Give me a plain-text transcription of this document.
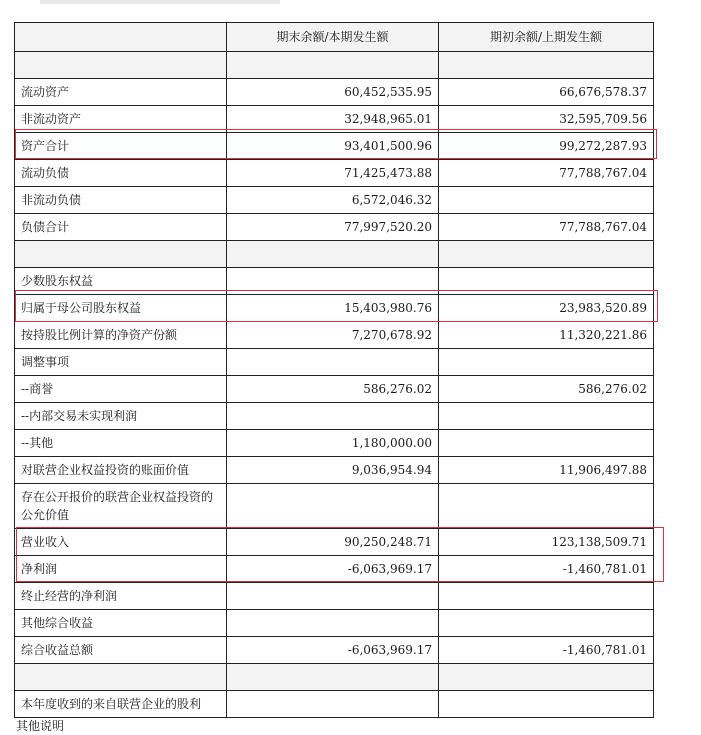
	期末余额/本期发生额	期初余额/上期发生额

流动资产	60,452,535.95	66,676,578.37
非流动资产	32,948,965.01	32,595,709.56
资产合计	93,401,500.96	99,272,287.93
流动负债	71,425,473.88	77,788,767.04
非流动负债	6,572,046.32	
负债合计	77,997,520.20	77,788,767.04

少数股东权益		
归属于母公司股东权益	15,403,980.76	23,983,520.89
按持股比例计算的净资产份额	7,270,678.92	11,320,221.86
调整事项		
--商誉	586,276.02	586,276.02
--内部交易未实现利润		
--其他	1,180,000.00	
对联营企业权益投资的账面价值	9,036,954.94	11,906,497.88
存在公开报价的联营企业权益投资的公允价值		
营业收入	90,250,248.71	123,138,509.71
净利润	-6,063,969.17	-1,460,781.01
终止经营的净利润		
其他综合收益		
综合收益总额	-6,063,969.17	-1,460,781.01

本年度收到的来自联营企业的股利		
其他说明
